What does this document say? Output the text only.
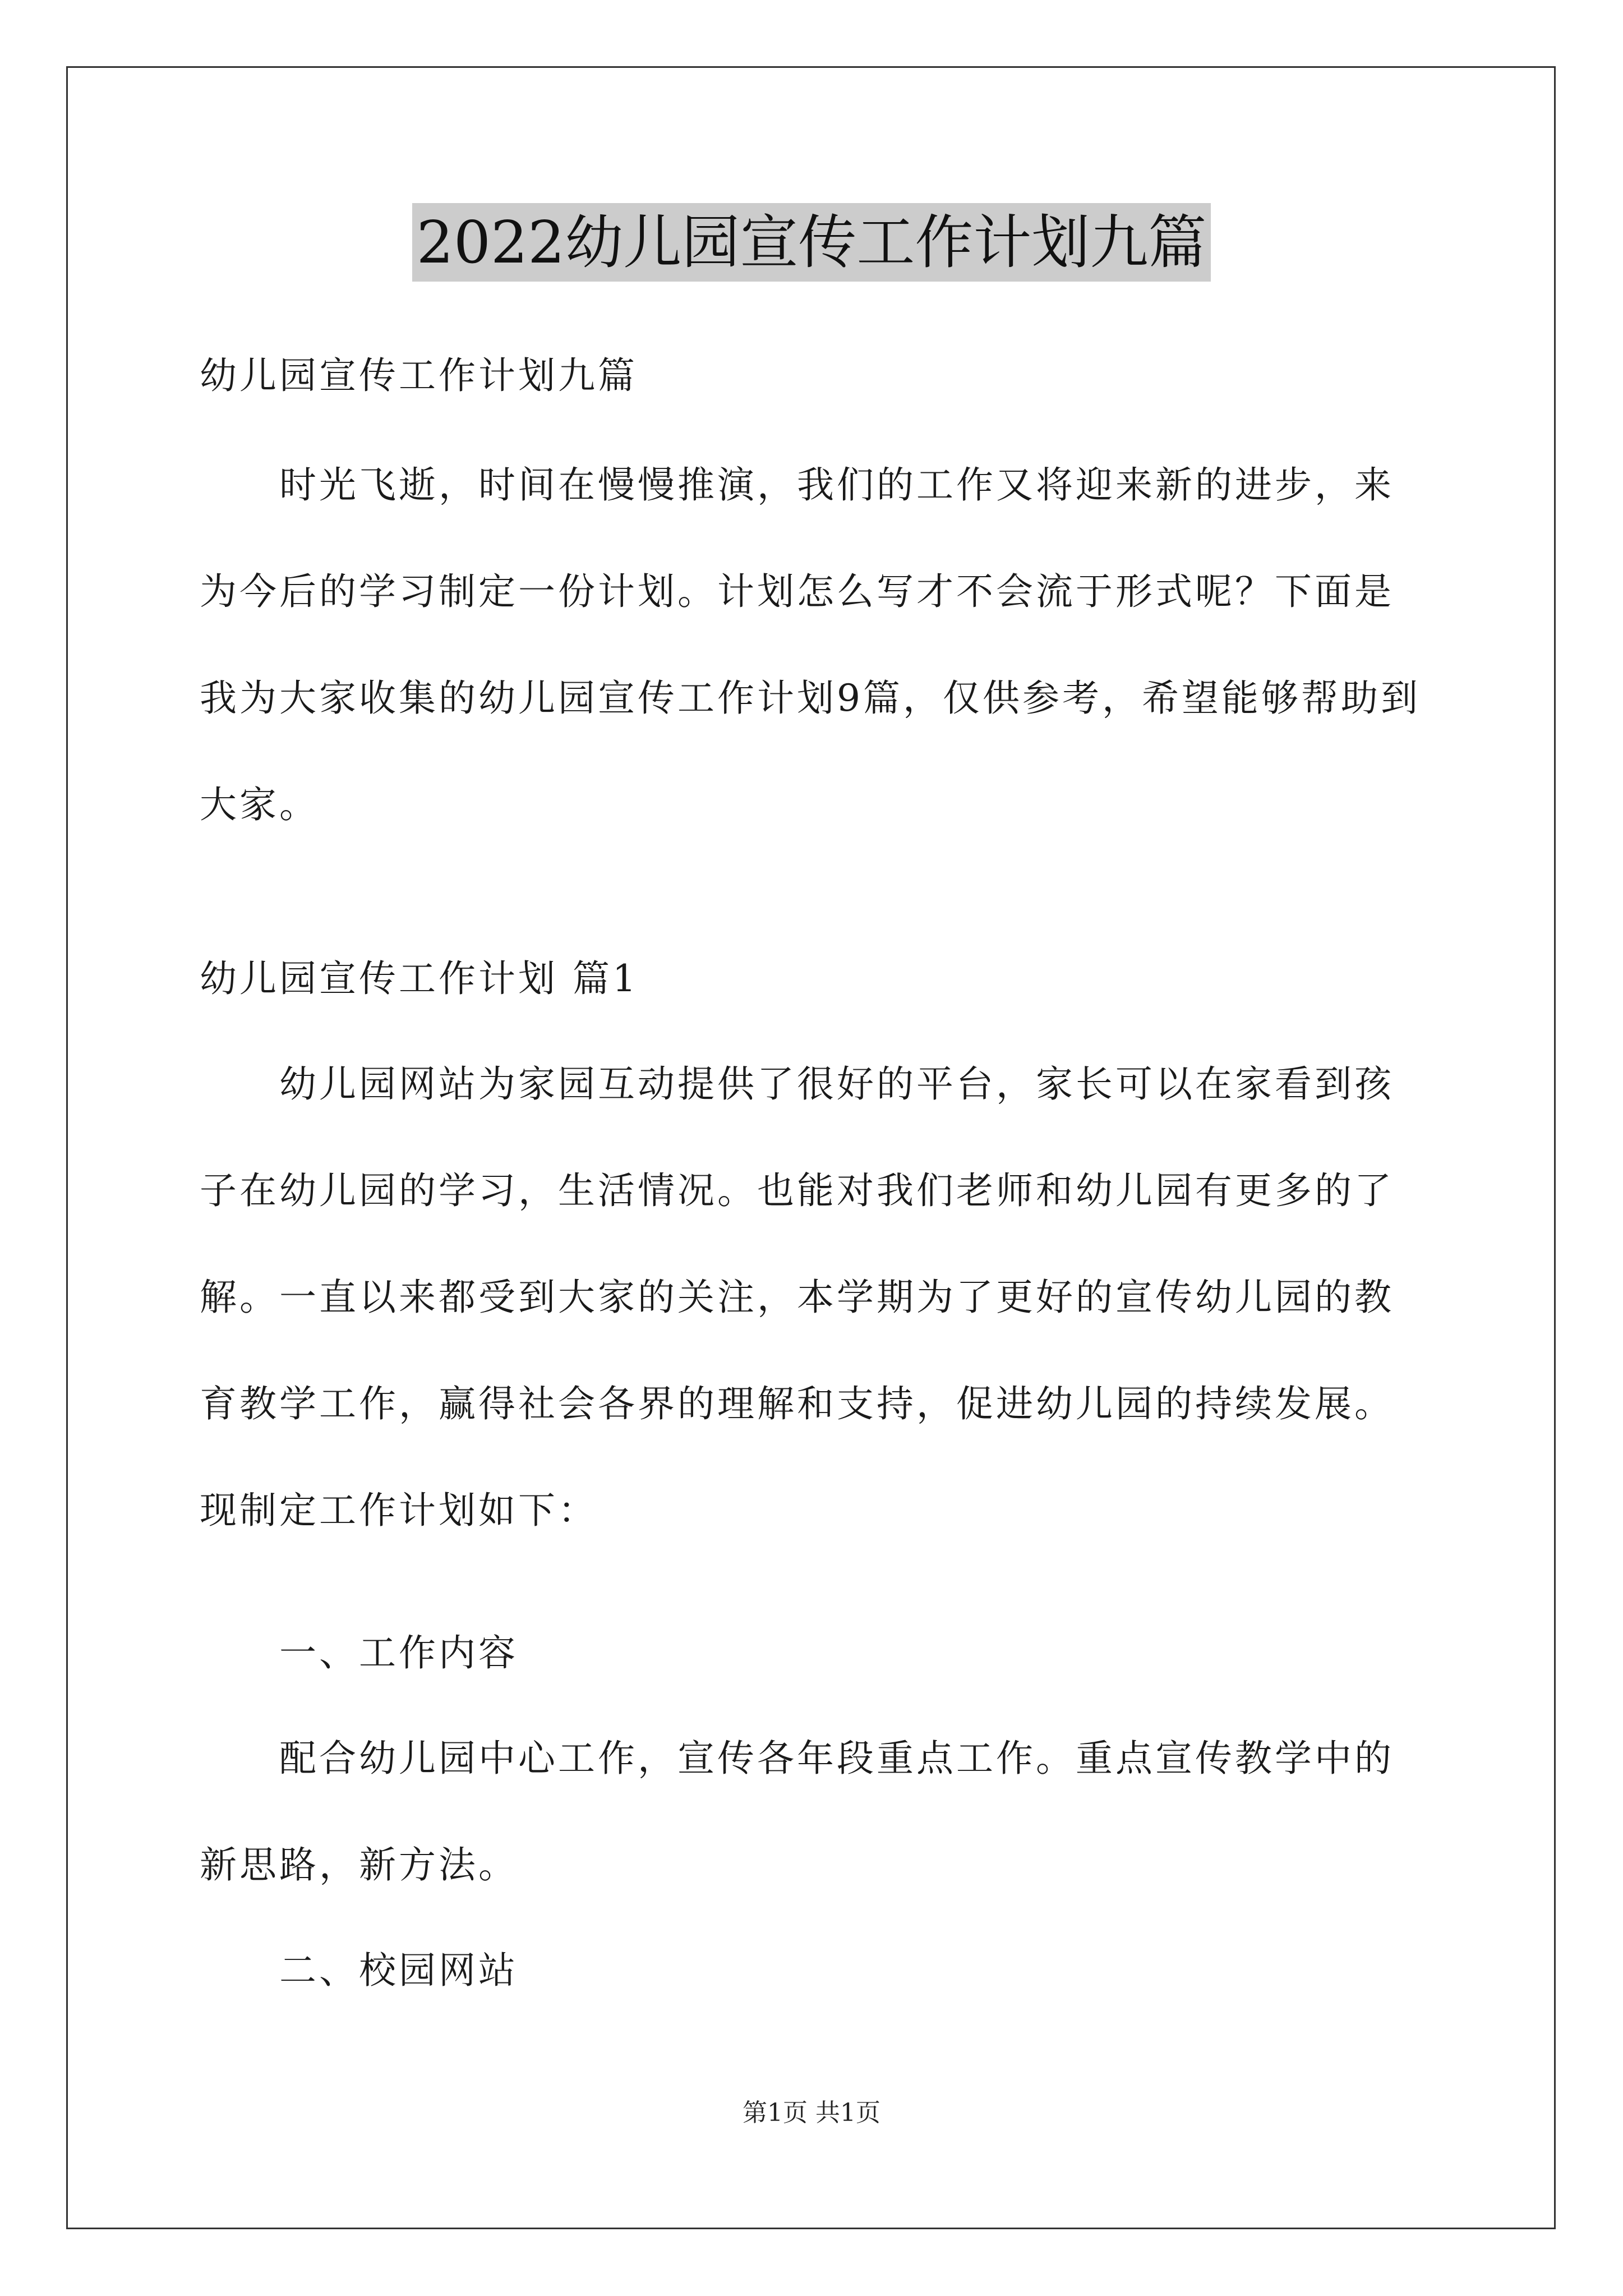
2022幼儿园宣传工作计划九篇
幼儿园宣传工作计划九篇
时光飞逝，时间在慢慢推演，我们的工作又将迎来新的进步，来为今后的学习制定一份计划。计划怎么写才不会流于形式呢？下面是我为大家收集的幼儿园宣传工作计划9篇，仅供参考，希望能够帮助到大家。
幼儿园宣传工作计划 篇1
幼儿园网站为家园互动提供了很好的平台，家长可以在家看到孩子在幼儿园的学习，生活情况。也能对我们老师和幼儿园有更多的了解。一直以来都受到大家的关注，本学期为了更好的宣传幼儿园的教育教学工作，赢得社会各界的理解和支持，促进幼儿园的持续发展。现制定工作计划如下：
一、工作内容
配合幼儿园中心工作，宣传各年段重点工作。重点宣传教学中的新思路，新方法。
二、校园网站
第1页 共1页
